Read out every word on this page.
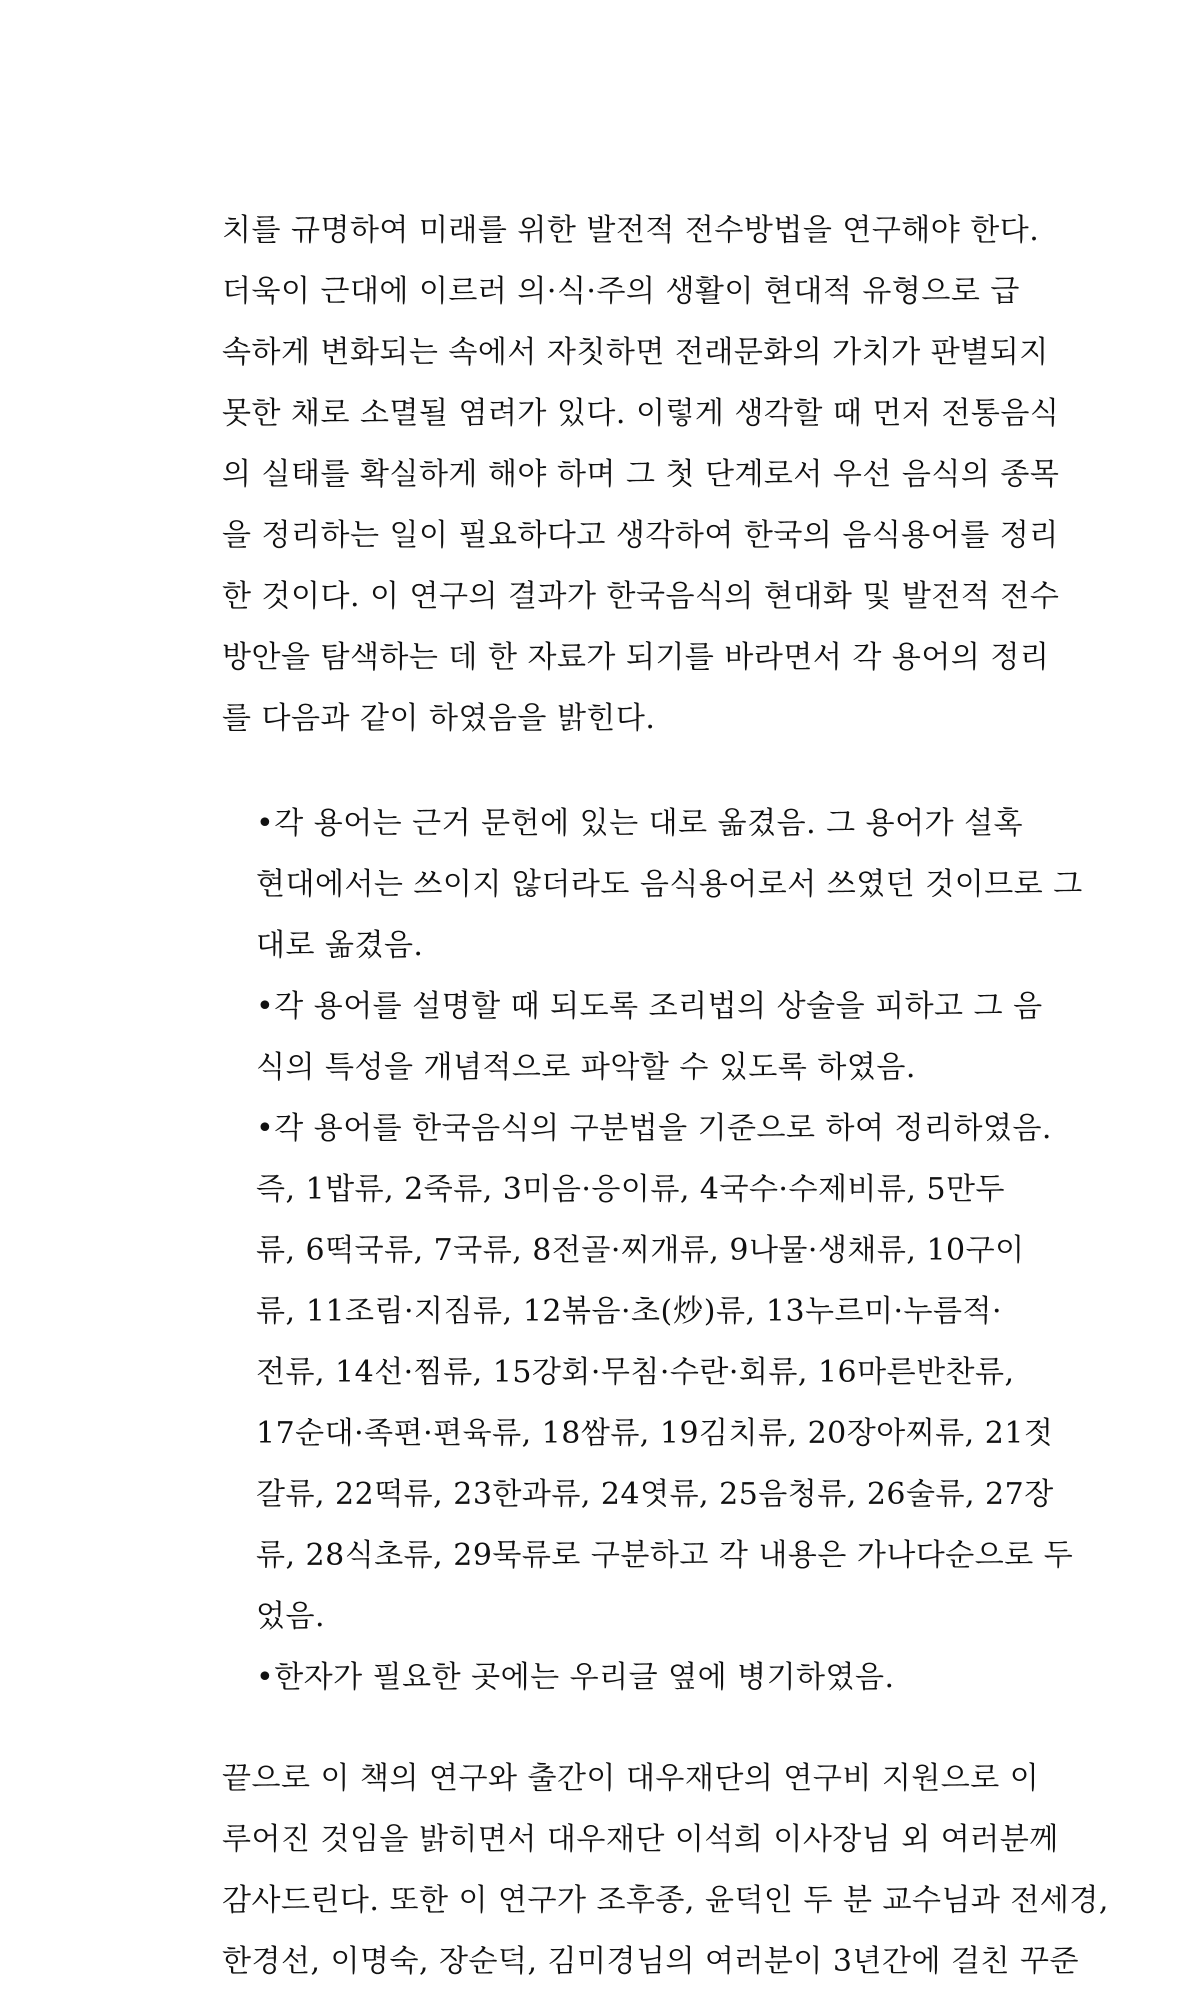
치를 규명하여 미래를 위한 발전적 전수방법을 연구해야 한다.
더욱이 근대에 이르러 의·식·주의 생활이 현대적 유형으로 급
속하게 변화되는 속에서 자칫하면 전래문화의 가치가 판별되지
못한 채로 소멸될 염려가 있다. 이렇게 생각할 때 먼저 전통음식
의 실태를 확실하게 해야 하며 그 첫 단계로서 우선 음식의 종목
을 정리하는 일이 필요하다고 생각하여 한국의 음식용어를 정리
한 것이다. 이 연구의 결과가 한국음식의 현대화 및 발전적 전수
방안을 탐색하는 데 한 자료가 되기를 바라면서 각 용어의 정리
를 다음과 같이 하였음을 밝힌다.
•각 용어는 근거 문헌에 있는 대로 옮겼음. 그 용어가 설혹
현대에서는 쓰이지 않더라도 음식용어로서 쓰였던 것이므로 그
대로 옮겼음.
•각 용어를 설명할 때 되도록 조리법의 상술을 피하고 그 음
식의 특성을 개념적으로 파악할 수 있도록 하였음.
•각 용어를 한국음식의 구분법을 기준으로 하여 정리하였음.
즉, 1밥류, 2죽류, 3미음·응이류, 4국수·수제비류, 5만두
류, 6떡국류, 7국류, 8전골·찌개류, 9나물·생채류, 10구이
류, 11조림·지짐류, 12볶음·초(炒)류, 13누르미·누름적·
전류, 14선·찜류, 15강회·무침·수란·회류, 16마른반찬류,
17순대·족편·편육류, 18쌈류, 19김치류, 20장아찌류, 21젓
갈류, 22떡류, 23한과류, 24엿류, 25음청류, 26술류, 27장
류, 28식초류, 29묵류로 구분하고 각 내용은 가나다순으로 두
었음.
•한자가 필요한 곳에는 우리글 옆에 병기하였음.
끝으로 이 책의 연구와 출간이 대우재단의 연구비 지원으로 이
루어진 것임을 밝히면서 대우재단 이석희 이사장님 외 여러분께
감사드린다. 또한 이 연구가 조후종, 윤덕인 두 분 교수님과 전세경,
한경선, 이명숙, 장순덕, 김미경님의 여러분이 3년간에 걸친 꾸준
